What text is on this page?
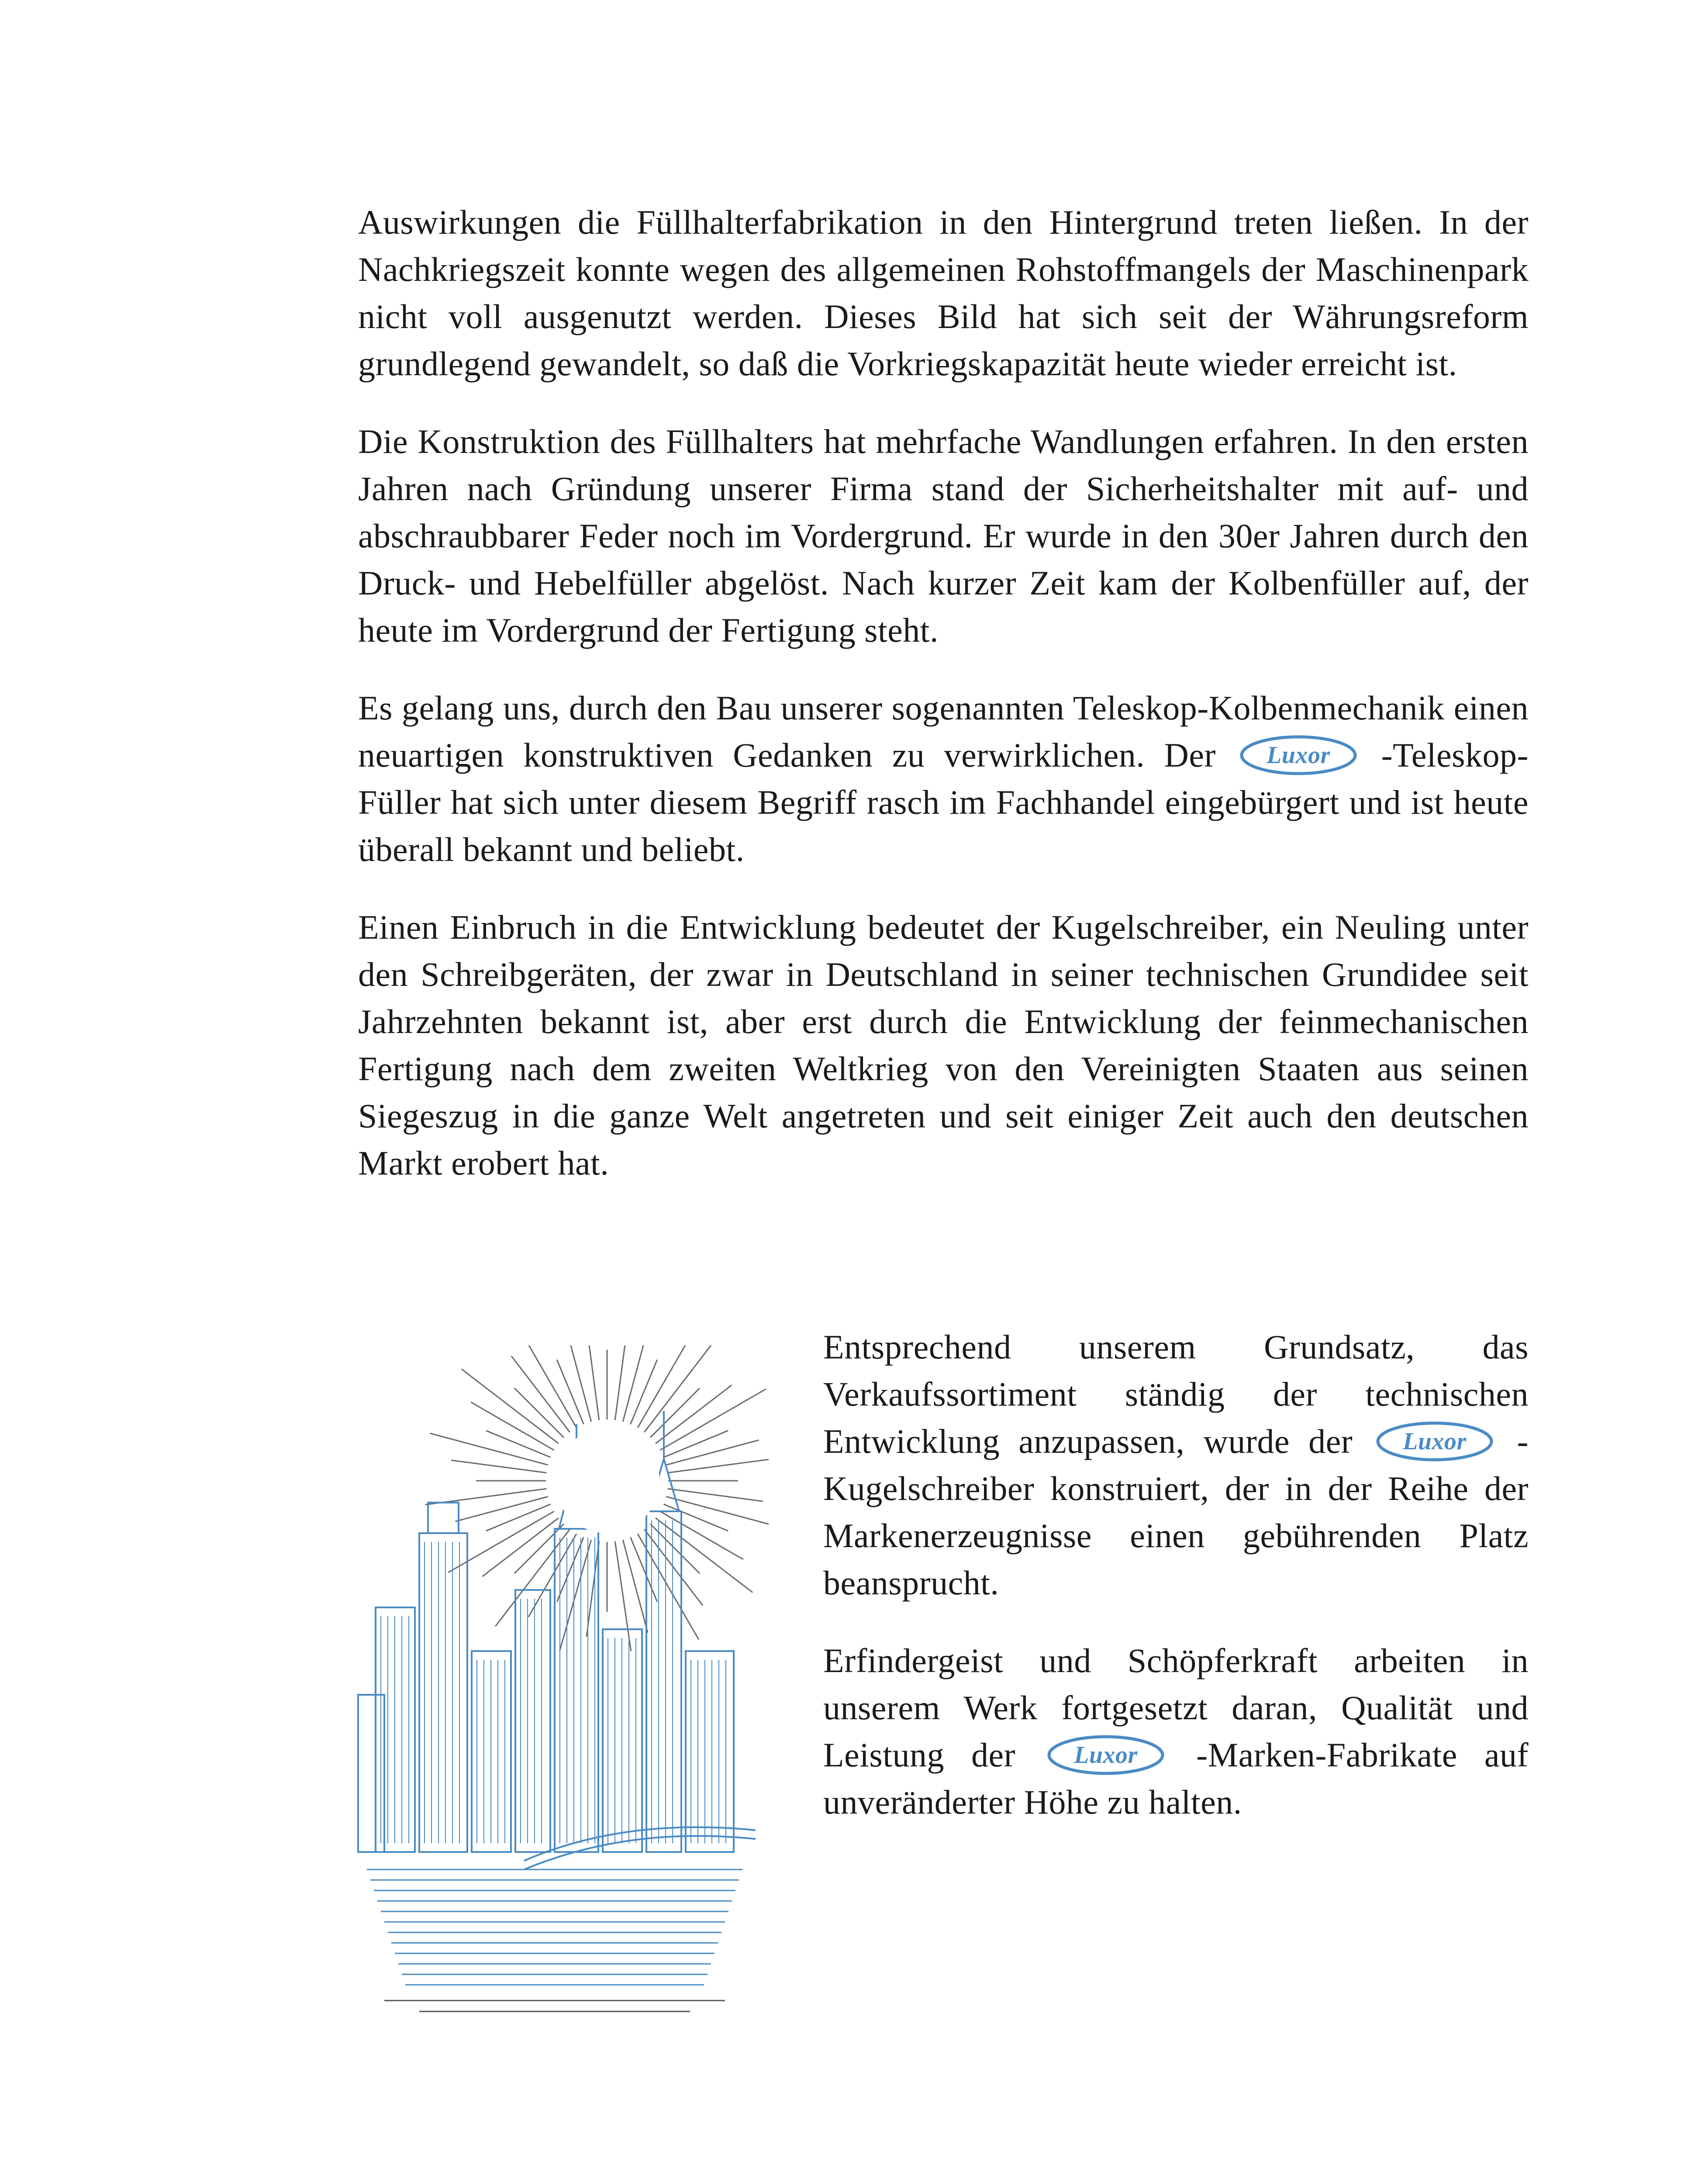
Auswirkungen die Füllhalterfabrikation in den Hintergrund treten ließen. In der Nachkriegszeit konnte wegen des allgemeinen Rohstoffmangels der Maschinenpark nicht voll ausgenutzt werden. Dieses Bild hat sich seit der Währungsreform grundlegend gewandelt, so daß die Vorkriegskapazität heute wieder erreicht ist.

Die Konstruktion des Füllhalters hat mehrfache Wandlungen erfahren. In den ersten Jahren nach Gründung unserer Firma stand der Sicherheitshalter mit auf- und abschraubbarer Feder noch im Vordergrund. Er wurde in den 30er Jahren durch den Druck- und Hebelfüller abgelöst. Nach kurzer Zeit kam der Kolbenfüller auf, der heute im Vordergrund der Fertigung steht.

Es gelang uns, durch den Bau unserer sogenannten Teleskop-Kolbenmechanik einen neuartigen konstruktiven Gedanken zu verwirklichen. Der Luxor -Teleskop-Füller hat sich unter diesem Begriff rasch im Fachhandel eingebürgert und ist heute überall bekannt und beliebt.

Einen Einbruch in die Entwicklung bedeutet der Kugelschreiber, ein Neuling unter den Schreibgeräten, der zwar in Deutschland in seiner technischen Grundidee seit Jahrzehnten bekannt ist, aber erst durch die Entwicklung der feinmechanischen Fertigung nach dem zweiten Weltkrieg von den Vereinigten Staaten aus seinen Siegeszug in die ganze Welt angetreten und seit einiger Zeit auch den deutschen Markt erobert hat.

Entsprechend unserem Grundsatz, das Verkaufssortiment ständig der technischen Entwicklung anzupassen, wurde der Luxor -Kugelschreiber konstruiert, der in der Reihe der Markenerzeugnisse einen gebührenden Platz beansprucht.

Erfindergeist und Schöpferkraft arbeiten in unserem Werk fortgesetzt daran, Qualität und Leistung der Luxor -Marken-Fabrikate auf unveränderter Höhe zu halten.
